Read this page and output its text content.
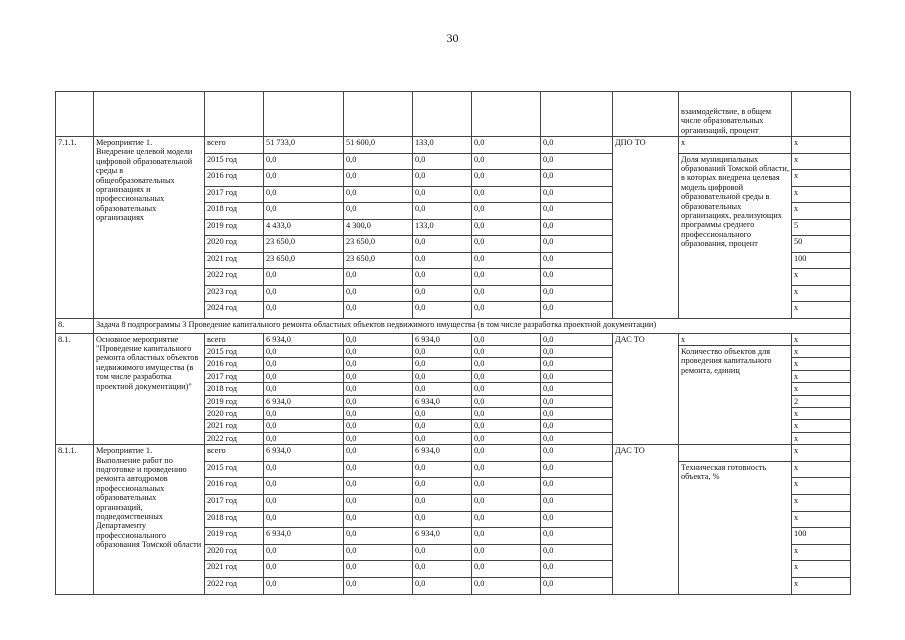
30
									взаимодействие, в общем числе образовательных организаций, процент	
7.1.1.	Мероприятие 1.
Внедрение целевой модели цифровой образовательной среды в общеобразовательных организациях и профессиональных образовательных организациях	всего	51 733,0	51 600,0	133,0	0,0	0,0	ДПО ТО	х	х
		2015 год	0,0	0,0	0,0	0,0	0,0		Доля муниципальных образований Томской области, в которых внедрена целевая модель цифровой образовательной среды в образовательных организациях, реализующих программы среднего профессионального образования, процент	х
		2016 год	0,0	0,0	0,0	0,0	0,0			х
		2017 год	0,0	0,0	0,0	0,0	0,0			х
		2018 год	0,0	0,0	0,0	0,0	0,0			х
		2019 год	4 433,0	4 300,0	133,0	0,0	0,0			5
		2020 год	23 650,0	23 650,0	0,0	0,0	0,0			50
		2021 год	23 650,0	23 650,0	0,0	0,0	0,0			100
		2022 год	0,0	0,0	0,0	0,0	0,0			х
		2023 год	0,0	0,0	0,0	0,0	0,0			х
		2024 год	0,0	0,0	0,0	0,0	0,0			х
8.	Задача 8 подпрограммы 3 Проведение капитального ремонта областных объектов недвижимого имущества (в том числе разработка проектной документации)									
8.1.	Основное мероприятие "Проведение капитального ремонта областных объектов недвижимого имущества (в том числе разработка проектной документации)"	всего	6 934,0	0,0	6 934,0	0,0	0,0	ДАС ТО	х	х
		2015 год	0,0	0,0	0,0	0,0	0,0		Количество объектов для проведения капитального ремонта, единиц	х
		2016 год	0,0	0,0	0,0	0,0	0,0			х
		2017 год	0,0	0,0	0,0	0,0	0,0			х
		2018 год	0,0	0,0	0,0	0,0	0,0			х
		2019 год	6 934,0	0,0	6 934,0	0,0	0,0			2
		2020 год	0,0	0,0	0,0	0,0	0,0			х
		2021 год	0,0	0,0	0,0	0,0	0,0			х
		2022 год	0,0	0,0	0,0	0,0	0,0			х
8.1.1.	Мероприятие 1.
Выполнение работ по подготовке и проведению ремонта автодромов профессиональных образовательных организаций, подведомственных Департаменту профессионального образования Томской области	всего	6 934,0	0,0	6 934,0	0,0	0,0	ДАС ТО		х
		2015 год	0,0	0,0	0,0	0,0	0,0		Техническая готовность объекта, %	х
		2016 год	0,0	0,0	0,0	0,0	0,0			х
		2017 год	0,0	0,0	0,0	0,0	0,0			х
		2018 год	0,0	0,0	0,0	0,0	0,0			х
		2019 год	6 934,0	0,0	6 934,0	0,0	0,0			100
		2020 год	0,0	0,0	0,0	0,0	0,0			х
		2021 год	0,0	0,0	0,0	0,0	0,0			х
		2022 год	0,0	0,0	0,0	0,0	0,0			х
